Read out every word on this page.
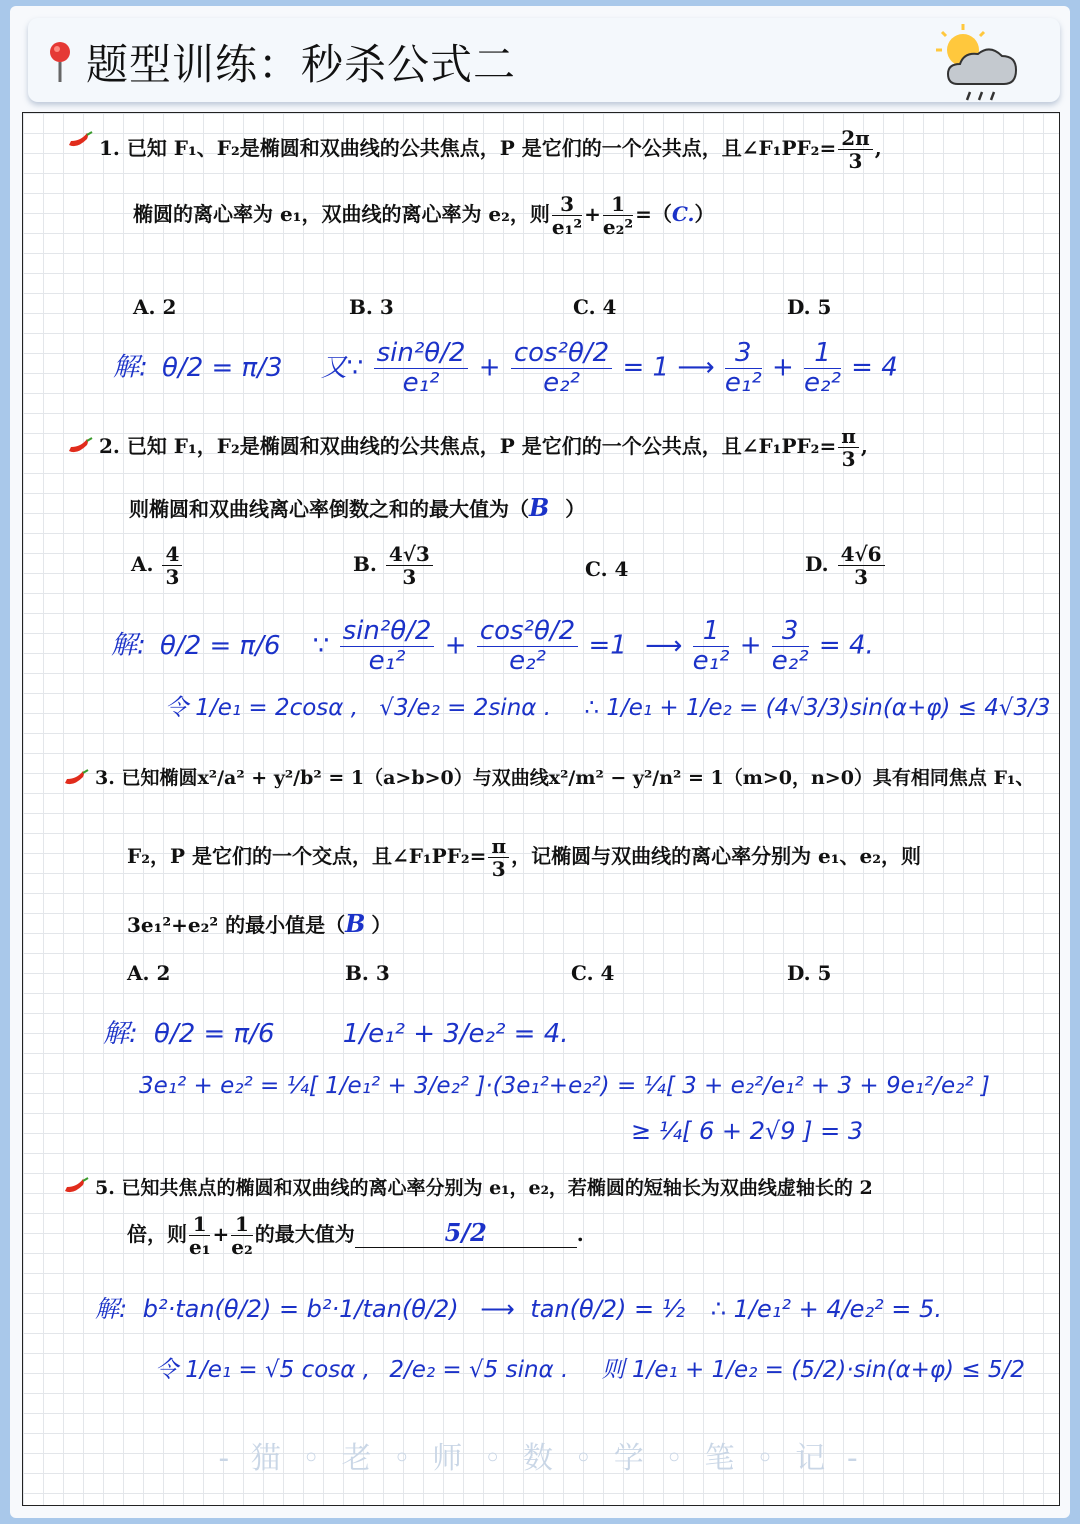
题型训练：秒杀公式二
1. 已知 F₁、F₂是椭圆和双曲线的公共焦点，P 是它们的一个公共点，且∠F₁PF₂= $\frac{2\pi}{3}$ ,
椭圆的离心率为 e₁，双曲线的离心率为 e₂，则 $\frac{3}{\text{e₁²}} + \frac{1}{\text{e₂²}} =(C.)$
A. 2	B. 3	C. 4	D. 5
解: θ/2 = π/3 又∵ $\frac{\text{sin²θ/2}}{\text{e₁²}} + \frac{\text{cos²θ/2}}{\text{e₂²}} = 1$ ⟶ $\frac{3}{\text{e₁²}} + \frac{1}{\text{e₂²}} = 4$
2. 已知 F₁，F₂是椭圆和双曲线的公共焦点，P 是它们的一个公共点，且∠F₁PF₂= $\frac{\pi}{3}$ ,
则椭圆和双曲线离心率倒数之和的最大值为（B ）
A. $\frac{4}{3}$	B. $\frac{4√3}{3}$	C. 4	D. $\frac{4√6}{3}$
解: θ/2 = π/6 ∵ $\frac{\text{sin²θ/2}}{\text{e₁²}} + \frac{\text{cos²θ/2}}{\text{e₂²}} =1$ ⟶ $\frac{1}{\text{e₁²}} + \frac{3}{\text{e₂²}} = 4$.
令 1/e₁ = 2cosα , √3/e₂ = 2sinα . ∴ 1/e₁ + 1/e₂ = (4√3/3)sin(α+φ) ≤ 4√3/3
3. 已知椭圆x²/a² + y²/b² = 1（a>b>0）与双曲线x²/m² − y²/n² = 1（m>0，n>0）具有相同焦点 F₁、
F₂，P 是它们的一个交点，且∠F₁PF₂= $\frac{\pi}{3}$ ，记椭圆与双曲线的离心率分别为 e₁、e₂，则
3e₁²+e₂² 的最小值是（B ）
A. 2	B. 3	C. 4	D. 5
解: θ/2 = π/6	1/e₁² + 3/e₂² = 4.
3e₁² + e₂² = ¼[ 1/e₁² + 3/e₂² ]·(3e₁²+e₂²) = ¼[ 3 + e₂²/e₁² + 3 + 9e₁²/e₂² ]
≥ ¼[ 6 + 2√9 ] = 3
5. 已知共焦点的椭圆和双曲线的离心率分别为 e₁，e₂，若椭圆的短轴长为双曲线虚轴长的 2
倍，则 $\frac{1}{\text{e₁}} + \frac{1}{\text{e₂}}$ 的最大值为	5/2	.
解: b²·tan(θ/2) = b²·1/tan(θ/2) ⟶ tan(θ/2) = ½ ∴ 1/e₁² + 4/e₂² = 5.
令 1/e₁ = √5 cosα , 2/e₂ = √5 sinα . 则 1/e₁ + 1/e₂ = (5/2)·sin(α+φ) ≤ 5/2
- 猫 ◦ 老 ◦ 师 ◦ 数 ◦ 学 ◦ 笔 ◦ 记 -
